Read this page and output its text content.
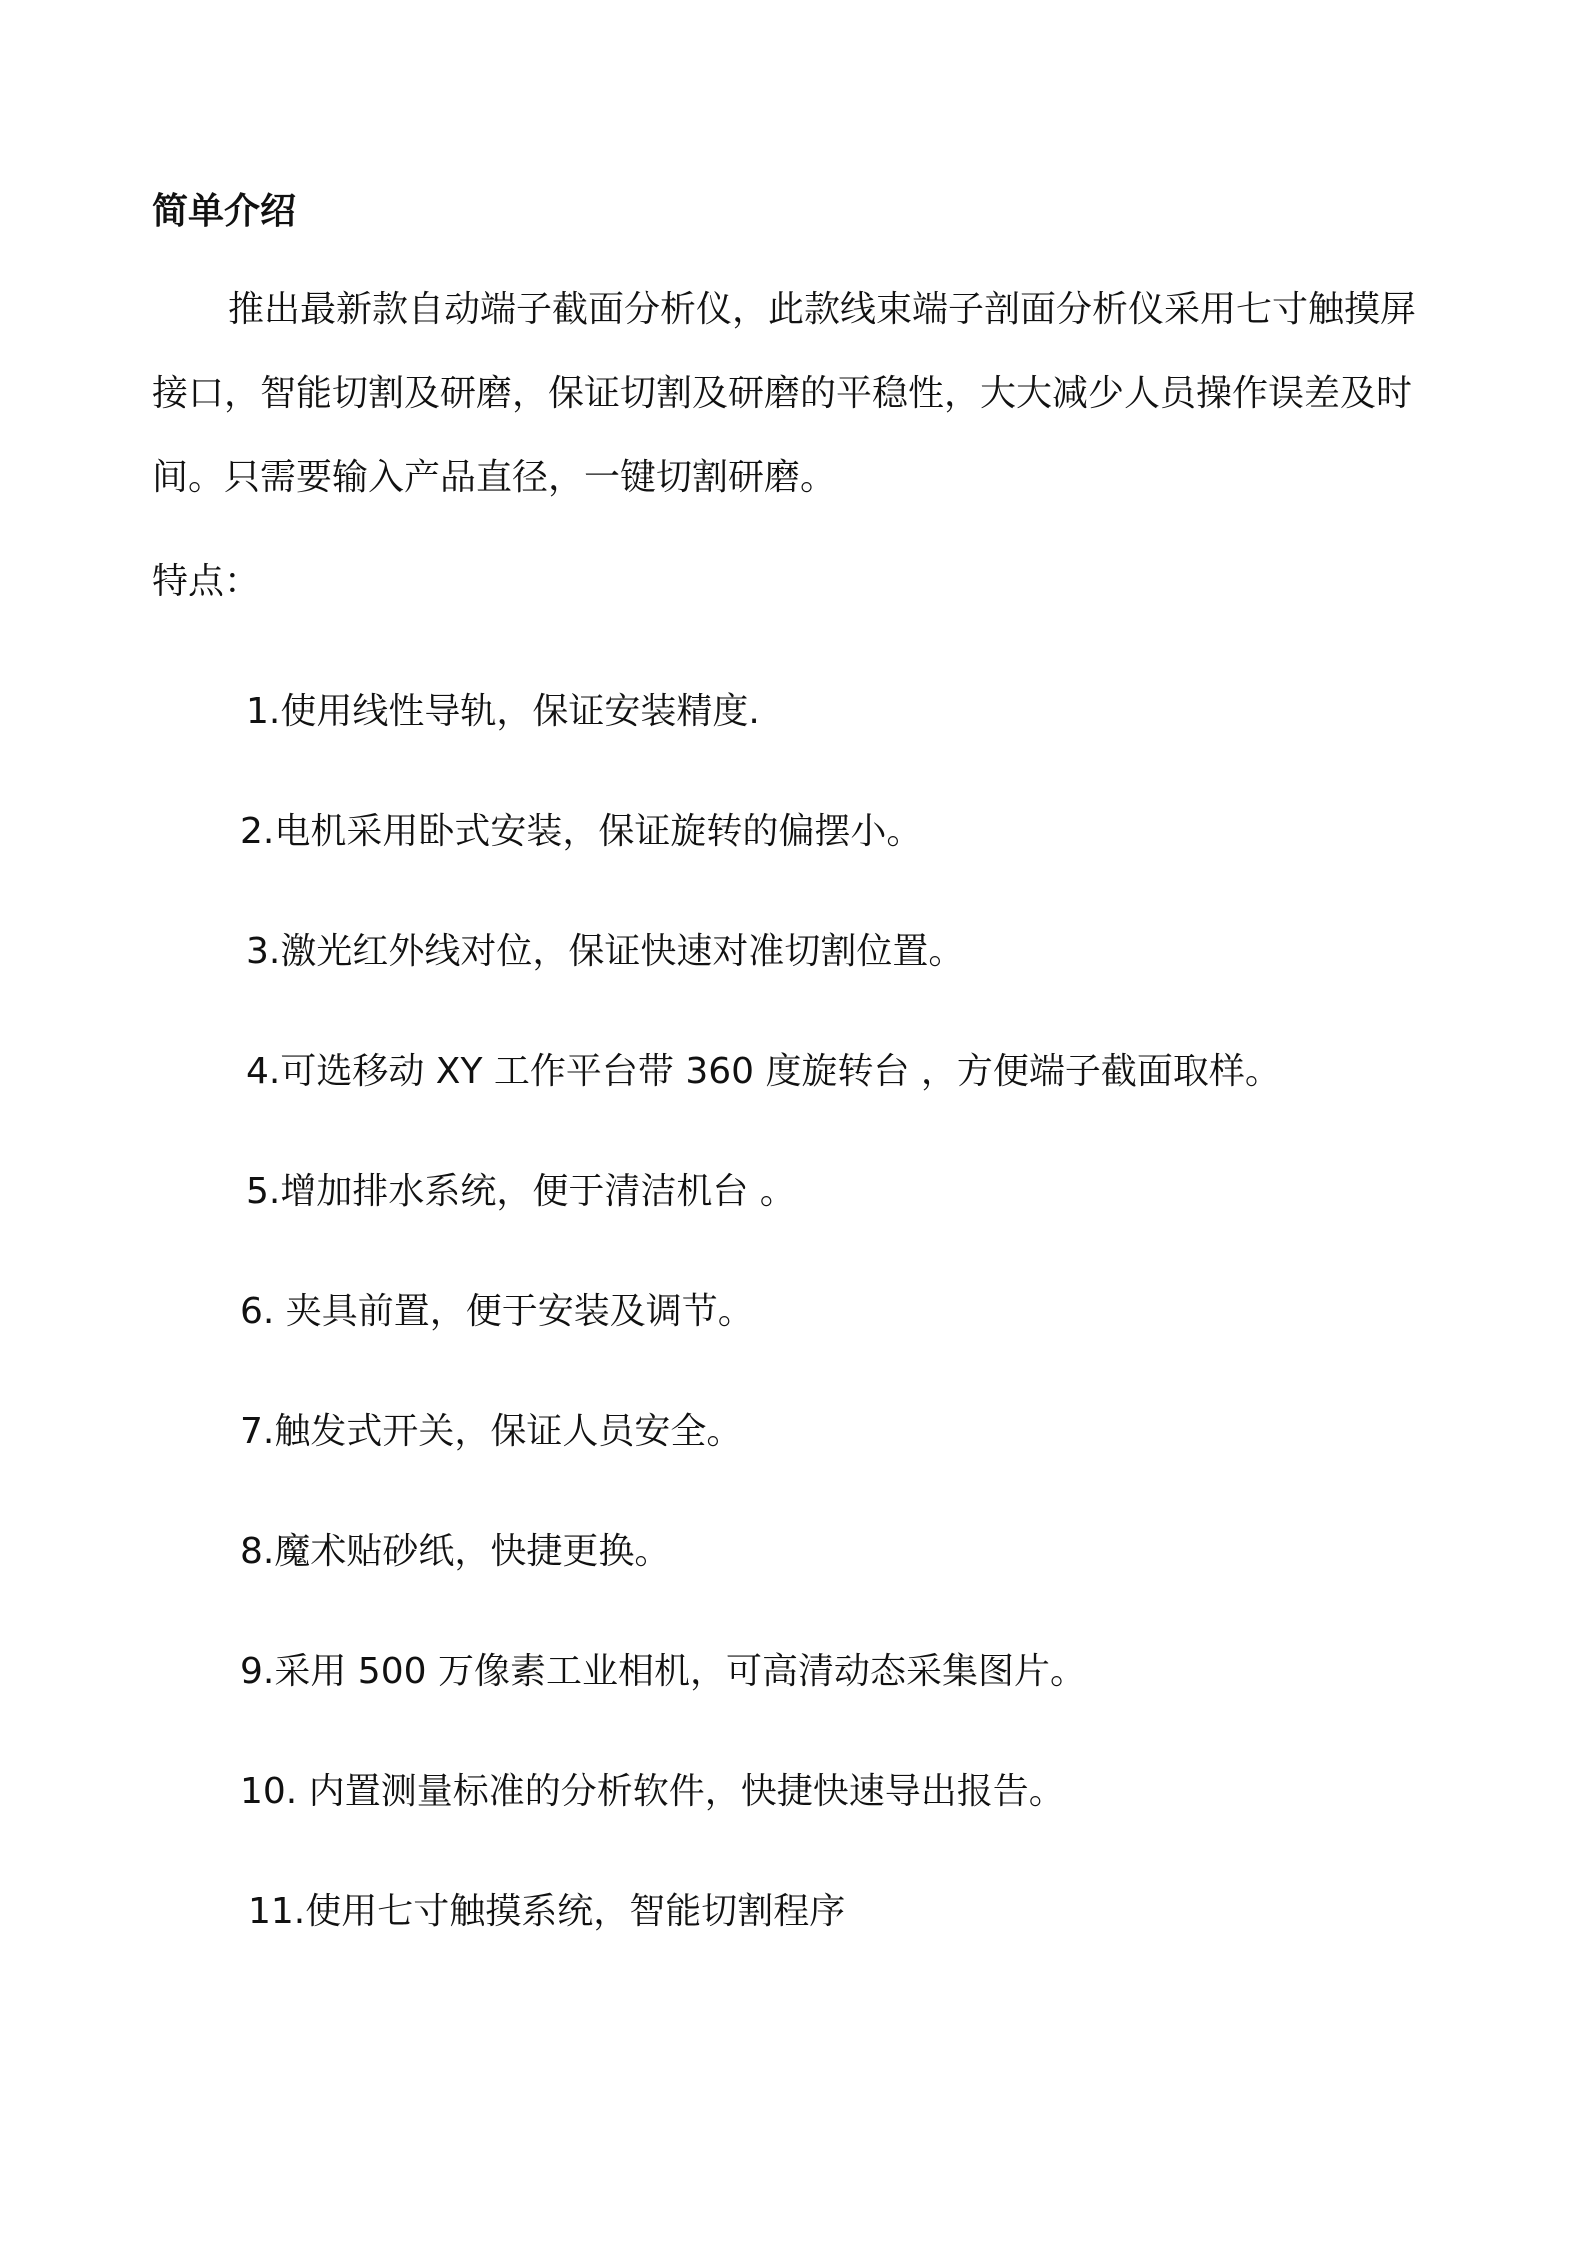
简单介绍

推出最新款自动端子截面分析仪，此款线束端子剖面分析仪采用七寸触摸屏接口，智能切割及研磨，保证切割及研磨的平稳性，大大减少人员操作误差及时间。只需要输入产品直径，一键切割研磨。

特点：

1.使用线性导轨，保证安装精度.

2.电机采用卧式安装，保证旋转的偏摆小。

3.激光红外线对位，保证快速对准切割位置。

4.可选移动 XY 工作平台带 360 度旋转台 ，方便端子截面取样。

5.增加排水系统，便于清洁机台 。

6. 夹具前置，便于安装及调节。

7.触发式开关，保证人员安全。

8.魔术贴砂纸，快捷更换。

9.采用 500 万像素工业相机，可高清动态采集图片。

10. 内置测量标准的分析软件，快捷快速导出报告。

11.使用七寸触摸系统，智能切割程序
